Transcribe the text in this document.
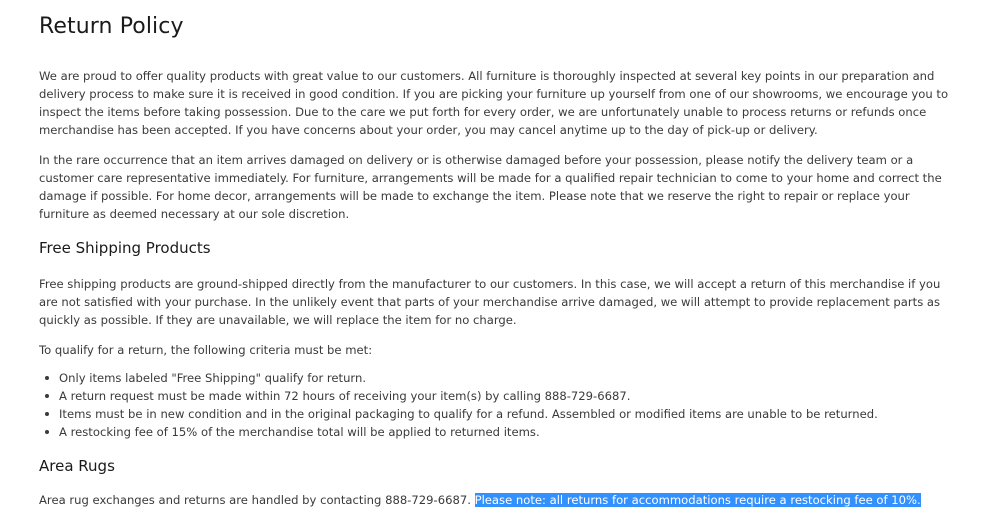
Return Policy

We are proud to offer quality products with great value to our customers. All furniture is thoroughly inspected at several key points in our preparation and delivery process to make sure it is received in good condition. If you are picking your furniture up yourself from one of our showrooms, we encourage you to inspect the items before taking possession. Due to the care we put forth for every order, we are unfortunately unable to process returns or refunds once merchandise has been accepted. If you have concerns about your order, you may cancel anytime up to the day of pick-up or delivery.

In the rare occurrence that an item arrives damaged on delivery or is otherwise damaged before your possession, please notify the delivery team or a customer care representative immediately. For furniture, arrangements will be made for a qualified repair technician to come to your home and correct the damage if possible. For home decor, arrangements will be made to exchange the item. Please note that we reserve the right to repair or replace your furniture as deemed necessary at our sole discretion.

Free Shipping Products

Free shipping products are ground-shipped directly from the manufacturer to our customers. In this case, we will accept a return of this merchandise if you are not satisfied with your purchase. In the unlikely event that parts of your merchandise arrive damaged, we will attempt to provide replacement parts as quickly as possible. If they are unavailable, we will replace the item for no charge.

To qualify for a return, the following criteria must be met:

Only items labeled "Free Shipping" qualify for return.
A return request must be made within 72 hours of receiving your item(s) by calling 888-729-6687.
Items must be in new condition and in the original packaging to qualify for a refund. Assembled or modified items are unable to be returned.
A restocking fee of 15% of the merchandise total will be applied to returned items.
Area Rugs

Area rug exchanges and returns are handled by contacting 888-729-6687. Please note: all returns for accommodations require a restocking fee of 10%.
